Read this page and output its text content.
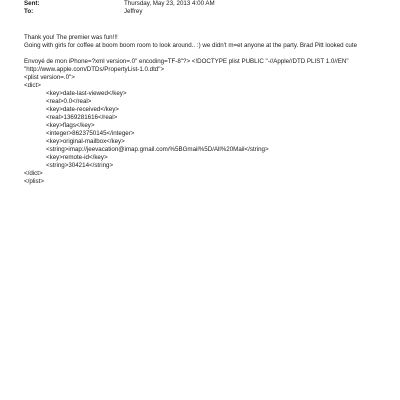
Sent:	Thursday, May 23, 2013 4:00 AM
To:	Jeffrey
Thank you! The premier was fun!!!
Going with girls for coffee at boom boom room to look around.. :) we didn't m=et anyone at the party. Brad Pitt looked cute
Envoyé de mon iPhone=?xml version=.0" encoding=TF-8"?> <!DOCTYPE plist PUBLIC "-//Apple//DTD PLIST 1.0//EN" "http://www.apple.com/DTDs/PropertyList-1.0.dtd">
<plist version=.0">
<dict>
<key>date-last-viewed</key>
<real>0.0</real>
<key>date-received</key>
<real>1369281616</real>
<key>flags</key>
<integer>8623750145</integer>
<key>original-mailbox</key>
<string>imap://jeevacation@imap.gmail.com/%5BGmail%5D/All%20Mail</string>
<key>remote-id</key>
<string>304214</string>
</dict>
</plist>
